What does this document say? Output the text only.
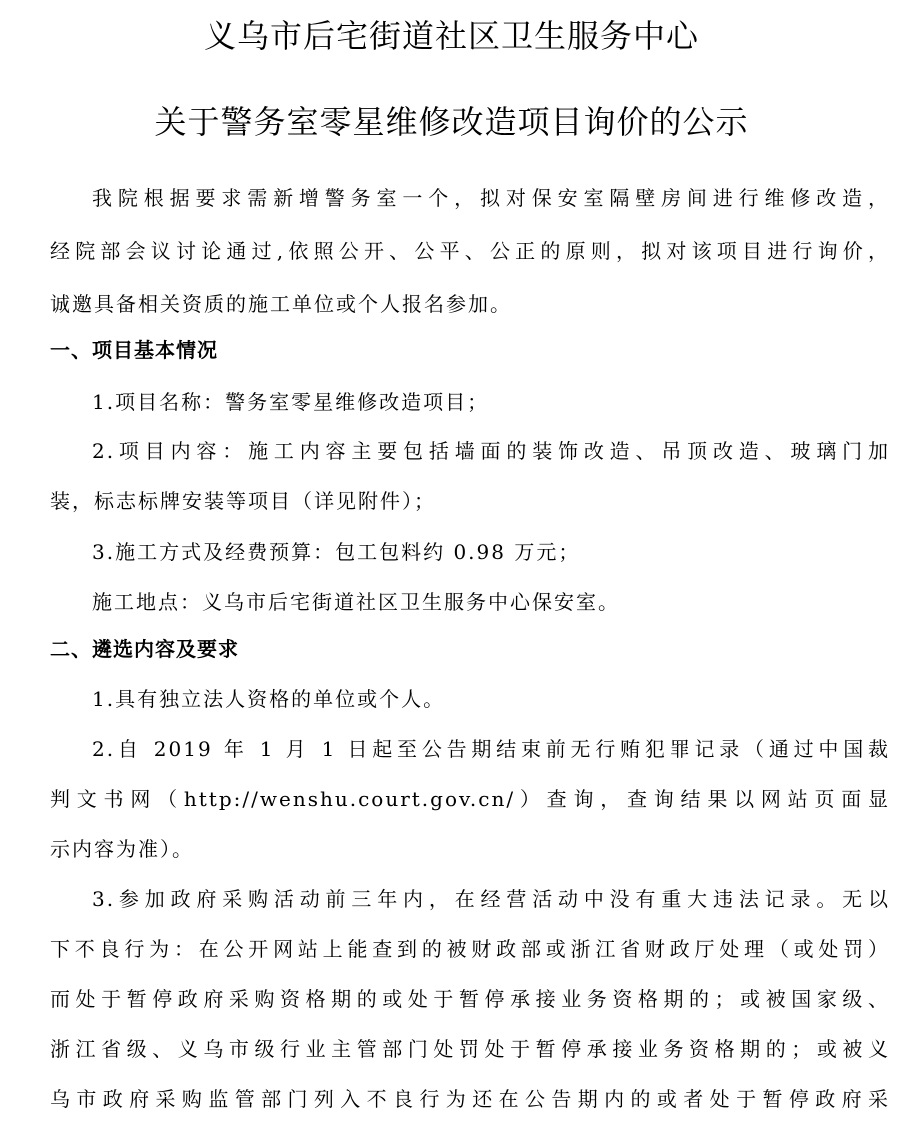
义乌市后宅街道社区卫生服务中心
关于警务室零星维修改造项目询价的公示
我院根据要求需新增警务室一个，拟对保安室隔壁房间进行维修改造，
经院部会议讨论通过,依照公开、公平、公正的原则，拟对该项目进行询价，
诚邀具备相关资质的施工单位或个人报名参加。
一、项目基本情况
1.项目名称：警务室零星维修改造项目；
2.项目内容：施工内容主要包括墙面的装饰改造、吊顶改造、玻璃门加
装，标志标牌安装等项目（详见附件）；
3.施工方式及经费预算：包工包料约 0.98 万元；
施工地点：义乌市后宅街道社区卫生服务中心保安室。
二、遴选内容及要求
1.具有独立法人资格的单位或个人。
2.自 2019 年 1 月 1 日起至公告期结束前无行贿犯罪记录（通过中国裁
判文书网（http://wenshu.court.gov.cn/）查询，查询结果以网站页面显
示内容为准）。
3.参加政府采购活动前三年内，在经营活动中没有重大违法记录。无以
下不良行为：在公开网站上能查到的被财政部或浙江省财政厅处理（或处罚）
而处于暂停政府采购资格期的或处于暂停承接业务资格期的；或被国家级、
浙江省级、义乌市级行业主管部门处罚处于暂停承接业务资格期的；或被义
乌市政府采购监管部门列入不良行为还在公告期内的或者处于暂停政府采
